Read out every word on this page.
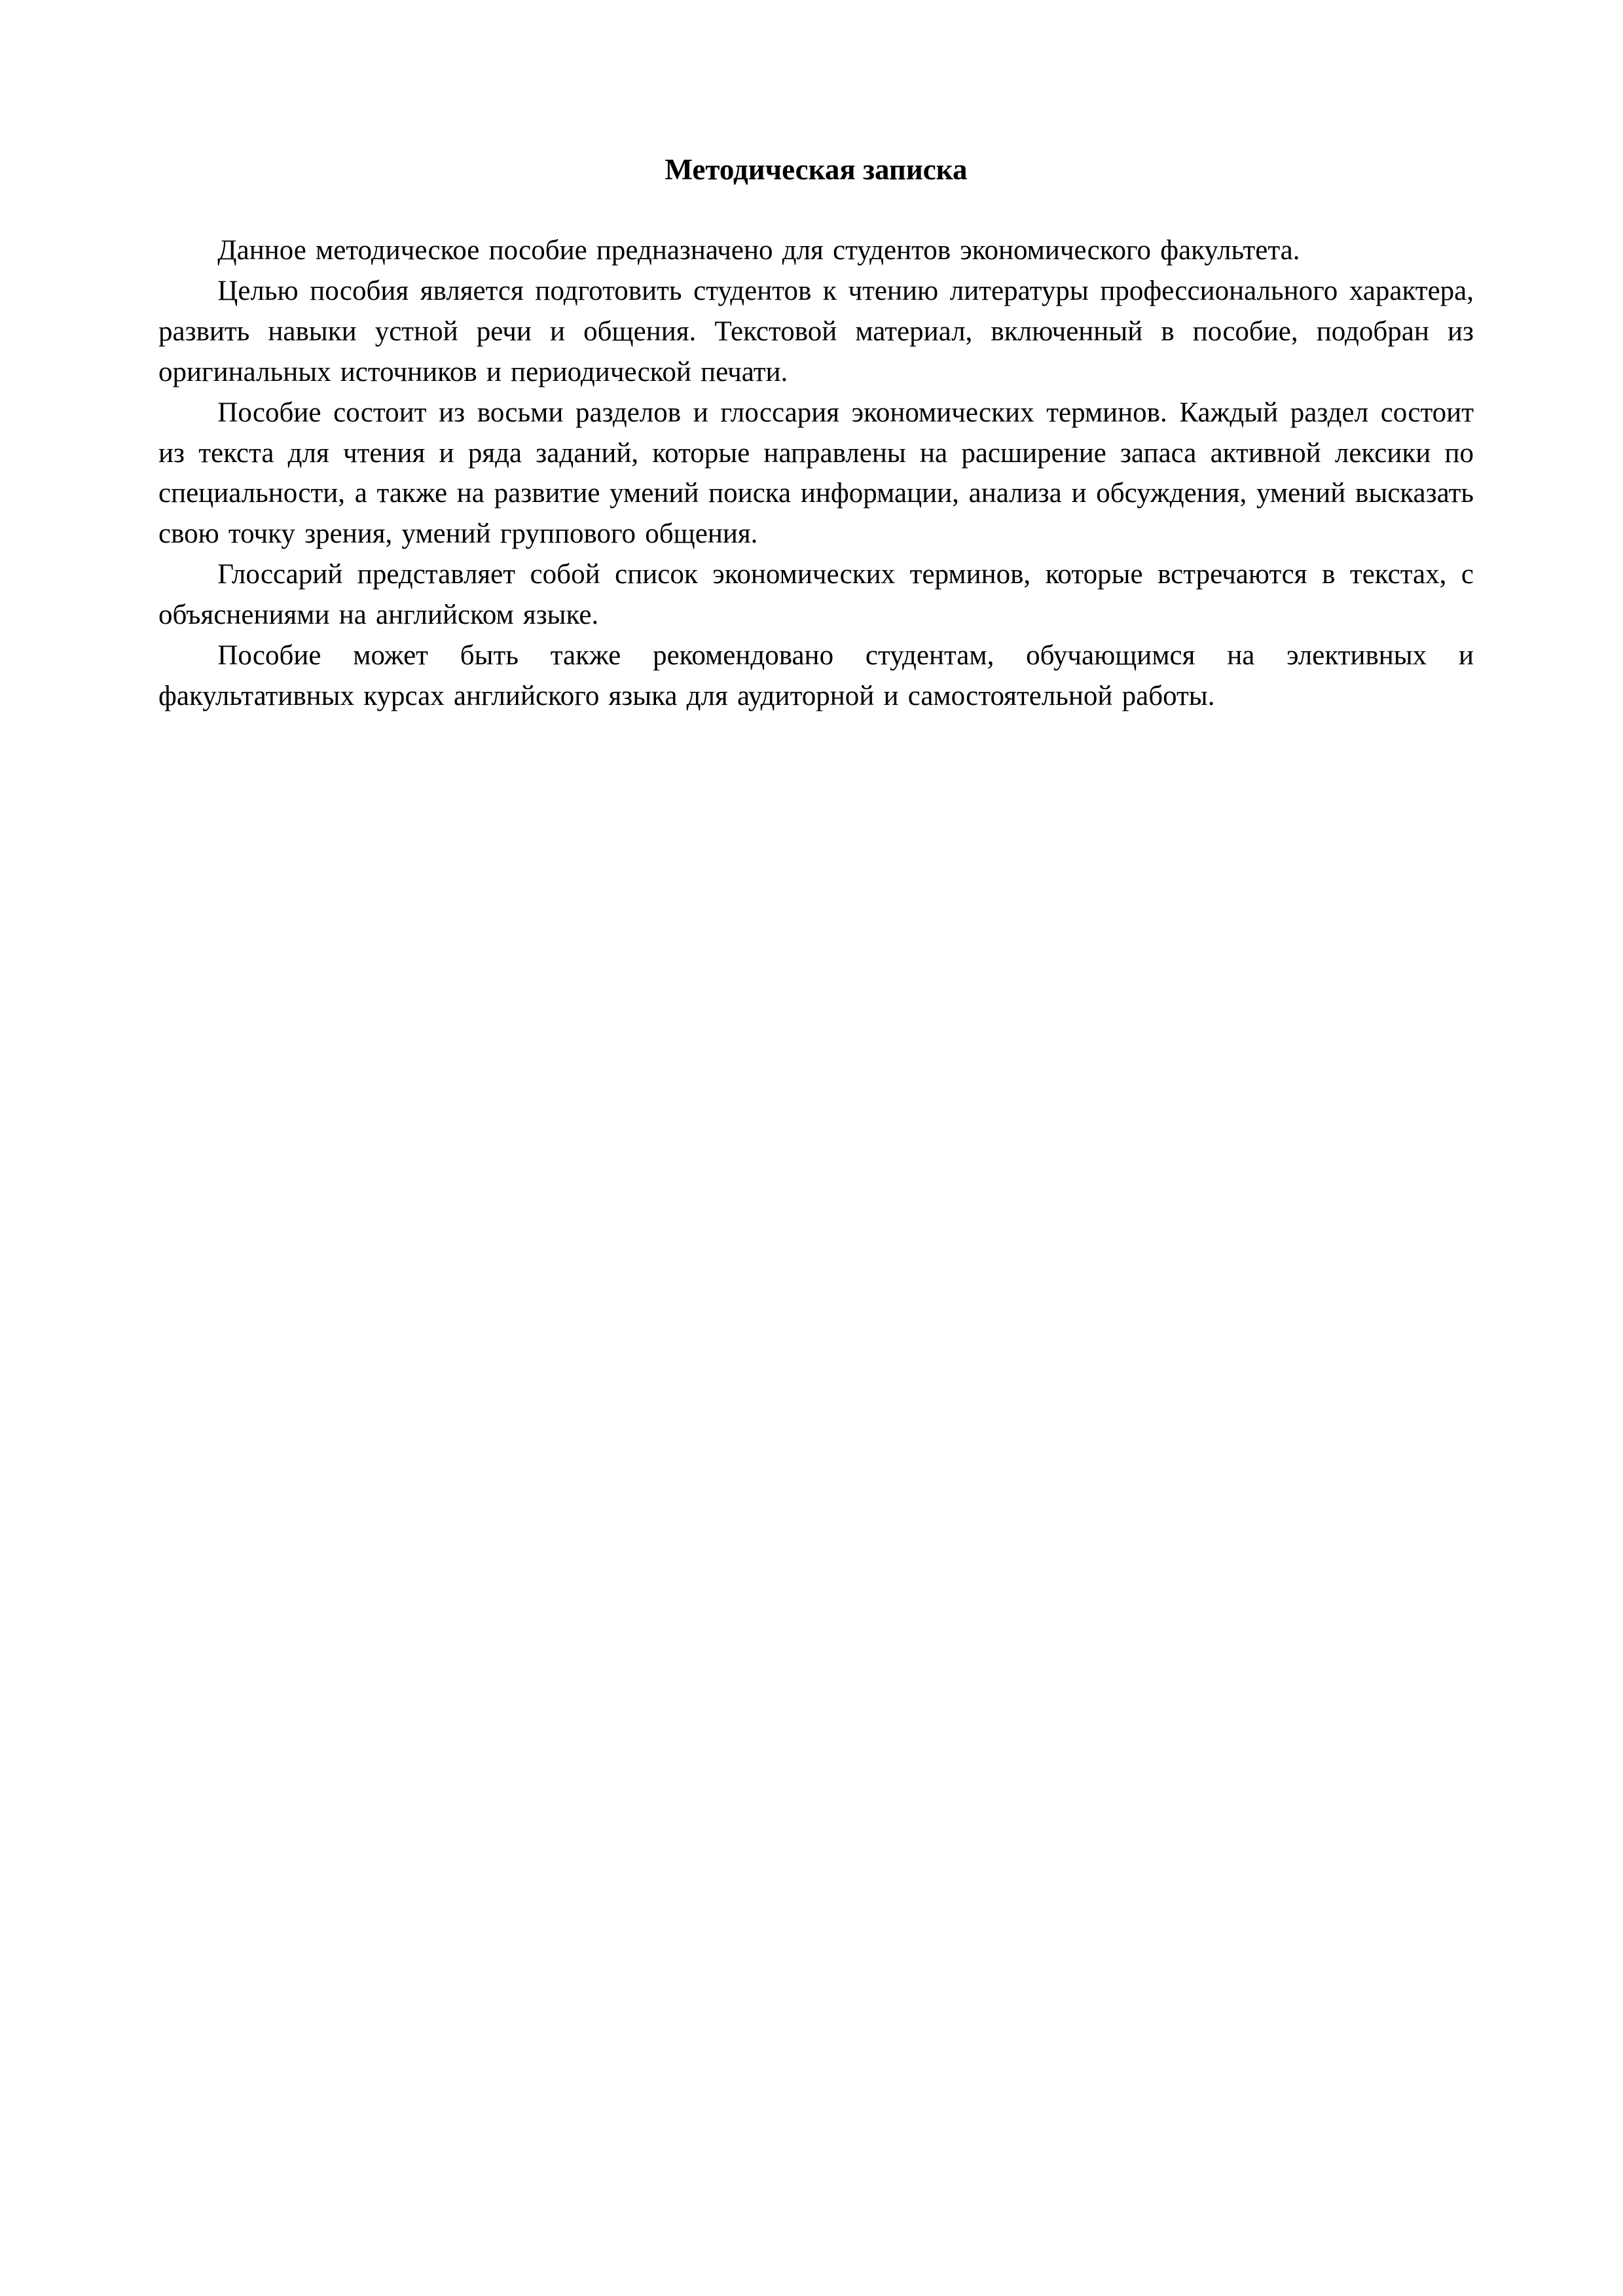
Методическая записка

Данное методическое пособие предназначено для студентов экономического факультета.

Целью пособия является подготовить студентов к чтению литературы профессионального характера, развить навыки устной речи и общения. Текстовой материал, включенный в пособие, подобран из оригинальных источников и периодической печати.

Пособие состоит из восьми разделов и глоссария экономических терминов. Каждый раздел состоит из текста для чтения и ряда заданий, которые направлены на расширение запаса активной лексики по специальности, а также на развитие умений поиска информации, анализа и обсуждения, умений высказать свою точку зрения, умений группового общения.

Глоссарий представляет собой список экономических терминов, которые встречаются в текстах, с объяснениями на английском языке.

Пособие может быть также рекомендовано студентам, обучающимся на элективных и факультативных курсах английского языка для аудиторной и самостоятельной работы.
